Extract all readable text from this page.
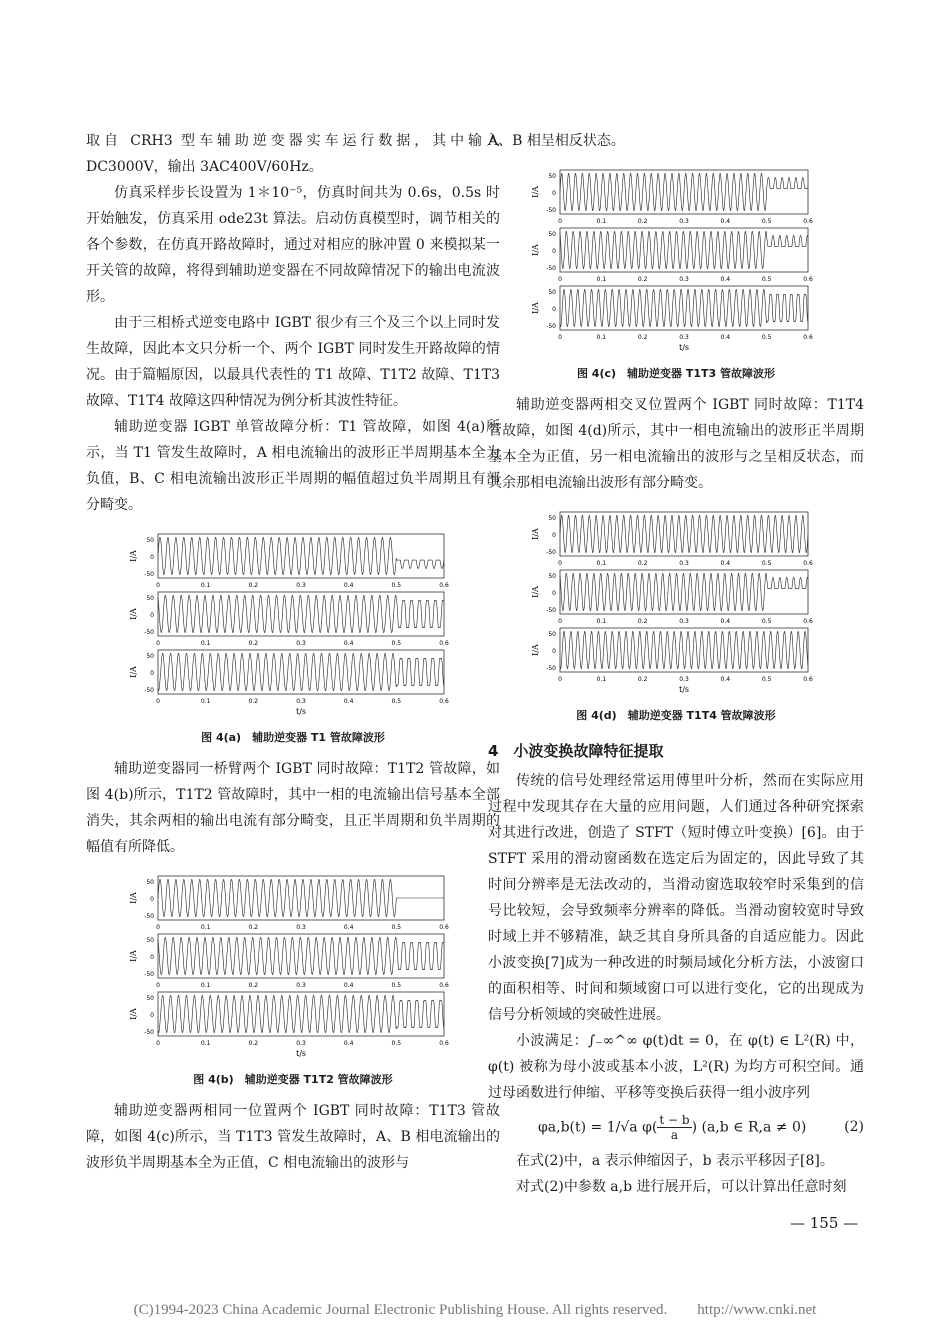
取自 CRH3 型车辅助逆变器实车运行数据，其中输入 DC3000V，输出 3AC400V/60Hz。

仿真采样步长设置为 1＊10⁻⁵，仿真时间共为 0.6s，0.5s 时开始触发，仿真采用 ode23t 算法。启动仿真模型时，调节相关的各个参数，在仿真开路故障时，通过对相应的脉冲置 0 来模拟某一开关管的故障，将得到辅助逆变器在不同故障情况下的输出电流波形。

由于三相桥式逆变电路中 IGBT 很少有三个及三个以上同时发生故障，因此本文只分析一个、两个 IGBT 同时发生开路故障的情况。由于篇幅原因，以最具代表性的 T1 故障、T1T2 故障、T1T3 故障、T1T4 故障这四种情况为例分析其波性特征。

辅助逆变器 IGBT 单管故障分析：T1 管故障，如图 4(a)所示，当 T1 管发生故障时，A 相电流输出的波形正半周期基本全为负值，B、C 相电流输出波形正半周期的幅值超过负半周期且有部分畸变。

50
0
-50
I/A
0	0.1	0.2	0.3	0.4	0.5	0.6
50
0
-50
I/A
0	0.1	0.2	0.3	0.4	0.5	0.6
50
0
-50
I/A
0	0.1	0.2	0.3	0.4	0.5	0.6
t/s
图 4(a)　辅助逆变器 T1 管故障波形

辅助逆变器同一桥臂两个 IGBT 同时故障：T1T2 管故障，如图 4(b)所示，T1T2 管故障时，其中一相的电流输出信号基本全部消失，其余两相的输出电流有部分畸变，且正半周期和负半周期的幅值有所降低。

50
0
-50
I/A
0	0.1	0.2	0.3	0.4	0.5	0.6
50
0
-50
I/A
0	0.1	0.2	0.3	0.4	0.5	0.6
50
0
-50
I/A
0	0.1	0.2	0.3	0.4	0.5	0.6
t/s
图 4(b)　辅助逆变器 T1T2 管故障波形

辅助逆变器两相同一位置两个 IGBT 同时故障：T1T3 管故障，如图 4(c)所示，当 T1T3 管发生故障时，A、B 相电流输出的波形负半周期基本全为正值，C 相电流输出的波形与

A、B 相呈相反状态。

50
0
-50
I/A
0	0.1	0.2	0.3	0.4	0.5	0.6
50
0
-50
I/A
0	0.1	0.2	0.3	0.4	0.5	0.6
50
0
-50
I/A
0	0.1	0.2	0.3	0.4	0.5	0.6
t/s
图 4(c)　辅助逆变器 T1T3 管故障波形

辅助逆变器两相交叉位置两个 IGBT 同时故障：T1T4 管故障，如图 4(d)所示，其中一相电流输出的波形正半周期基本全为正值，另一相电流输出的波形与之呈相反状态，而其余那相电流输出波形有部分畸变。

50
0
-50
I/A
0	0.1	0.2	0.3	0.4	0.5	0.6
50
0
-50
I/A
0	0.1	0.2	0.3	0.4	0.5	0.6
50
0
-50
I/A
0	0.1	0.2	0.3	0.4	0.5	0.6
t/s
图 4(d)　辅助逆变器 T1T4 管故障波形
4　小波变换故障特征提取

传统的信号处理经常运用傅里叶分析，然而在实际应用过程中发现其存在大量的应用问题，人们通过各种研究探索对其进行改进，创造了 STFT（短时傅立叶变换）[6]。由于 STFT 采用的滑动窗函数在选定后为固定的，因此导致了其时间分辨率是无法改动的，当滑动窗选取较窄时采集到的信号比较短，会导致频率分辨率的降低。当滑动窗较宽时导致时域上并不够精准，缺乏其自身所具备的自适应能力。因此小波变换[7]成为一种改进的时频局域化分析方法，小波窗口的面积相等、时间和频域窗口可以进行变化，它的出现成为信号分析领域的突破性进展。

小波满足：∫₋∞^∞ φ(t)dt = 0，在 φ(t) ∈ L²(R) 中，φ(t) 被称为母小波或基本小波，L²(R) 为均方可积空间。通过母函数进行伸缩、平移等变换后获得一组小波序列

φa,b(t) = 1/√a $\varphi( \frac{t - b}{a}$ ) (a,b ∈ R,a ≠ 0)	(2)

在式(2)中，a 表示伸缩因子，b 表示平移因子[8]。

对式(2)中参数 a,b 进行展开后，可以计算出任意时刻

— 155 —
(C)1994-2023 China Academic Journal Electronic Publishing House. All rights reserved.　　http://www.cnki.net
